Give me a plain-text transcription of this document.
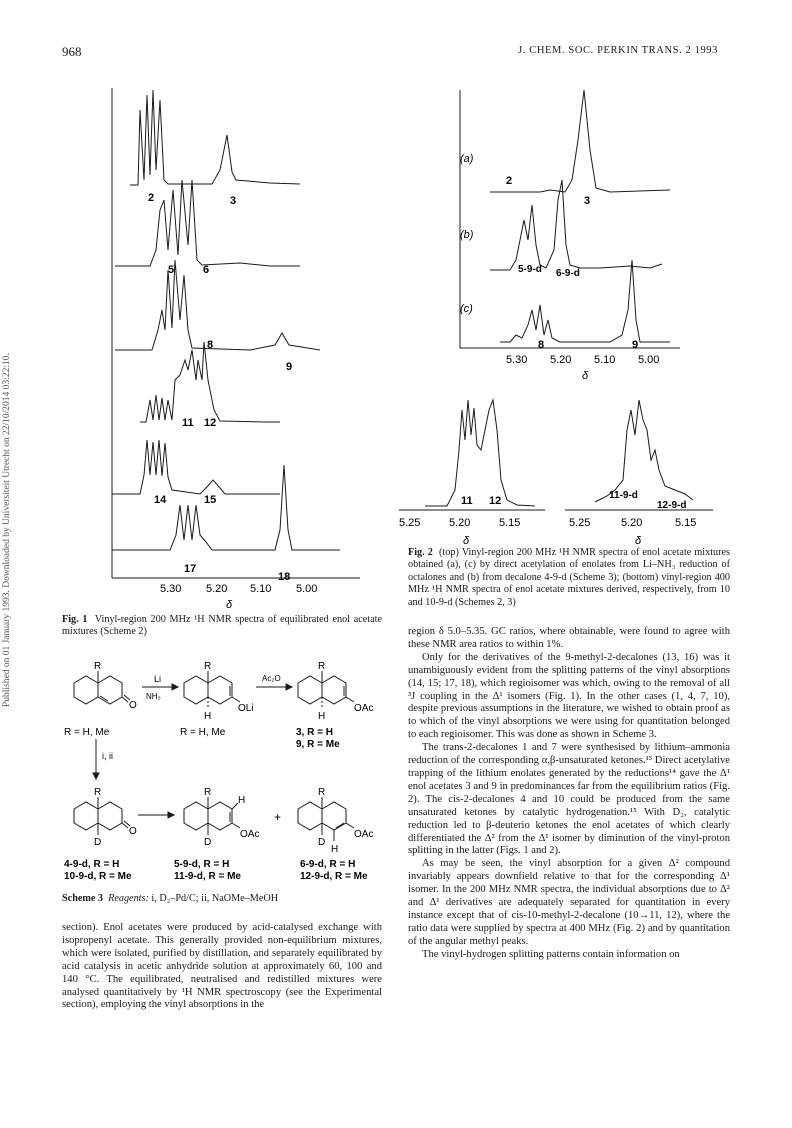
968	J. CHEM. SOC. PERKIN TRANS. 2 1993
Published on 01 January 1993. Downloaded by Universiteit Utrecht on 22/10/2014 03:22:10.
2	3
5	6
8
9
11 12
14	15
17
18
5.30 5.20 5.10 5.00
δ
Fig. 1 Vinyl-region 200 MHz ¹H NMR spectra of equilibrated enol acetate mixtures (Scheme 2)
(a)
(b)
(c)
2
3
5-9-d 6-9-d
8	9
5.30 5.20 5.10 5.00
δ
11 12
5.25	5.20	5.15
δ
11-9-d
12-9-d
5.25	5.20	5.15
δ
Fig. 2 (top) Vinyl-region 200 MHz ¹H NMR spectra of enol acetate mixtures obtained (a), (c) by direct acetylation of enolates from Li–NH₃ reduction of octalones and (b) from decalone 4-9-d (Scheme 3); (bottom) vinyl-region 400 MHz ¹H NMR spectra of enol acetate mixtures derived, respectively, from 10 and 10-9-d (Schemes 2, 3)
R
O
Li
NH₃
R
H
OLi
Ac₂O
R
H
OAc
R = H, Me	R = H, Me	3, R = H
9, R = Me
i, ii
R
D
O
R
H
D
OAc
+
R
D
H
OAc
4-9-d, R = H
10-9-d, R = Me
5-9-d, R = H
11-9-d, R = Me
6-9-d, R = H
12-9-d, R = Me
Scheme 3 Reagents: i, D₂–Pd/C; ii, NaOMe–MeOH

section). Enol acetates were produced by acid-catalysed exchange with isopropenyl acetate. This generally provided non-equilibrium mixtures, which were isolated, purified by distillation, and separately equilibrated by acid catalysis in acetic anhydride solution at approximately 60, 100 and 140 °C. The equilibrated, neutralised and redistilled mixtures were analysed quantitatively by ¹H NMR spectroscopy (see the Experimental section), employing the vinyl absorptions in the

region δ 5.0–5.35. GC ratios, where obtainable, were found to agree with these NMR area ratios to within 1%.

Only for the derivatives of the 9-methyl-2-decalones (13, 16) was it unambiguously evident from the splitting patterns of the vinyl absorptions (14, 15; 17, 18), which regioisomer was which, owing to the removal of all ³J coupling in the Δ¹ isomers (Fig. 1). In the other cases (1, 4, 7, 10), despite previous assumptions in the literature, we wished to obtain proof as to which of the vinyl absorptions we were using for quantitation belonged to each regioisomer. This was done as shown in Scheme 3.

The trans-2-decalones 1 and 7 were synthesised by lithium–ammonia reduction of the corresponding α,β-unsaturated ketones.¹³ Direct acetylative trapping of the lithium enolates generated by the reductions¹⁴ gave the Δ¹ enol acetates 3 and 9 in predominances far from the equilibrium ratios (Fig. 2). The cis-2-decalones 4 and 10 could be produced from the same unsaturated ketones by catalytic hydrogenation.¹⁵ With D₂, catalytic reduction led to β-deuterio ketones the enol acetates of which clearly differentiated the Δ² from the Δ¹ isomer by diminution of the vinyl-proton splitting in the latter (Figs. 1 and 2).

As may be seen, the vinyl absorption for a given Δ² compound invariably appears downfield relative to that for the corresponding Δ¹ isomer. In the 200 MHz NMR spectra, the individual absorptions due to Δ² and Δ¹ derivatives are adequately separated for quantitation in every instance except that of cis-10-methyl-2-decalone (10→11, 12), where the ratio data were supplied by spectra at 400 MHz (Fig. 2) and by quantitation of the angular methyl peaks.

The vinyl-hydrogen splitting patterns contain information on
